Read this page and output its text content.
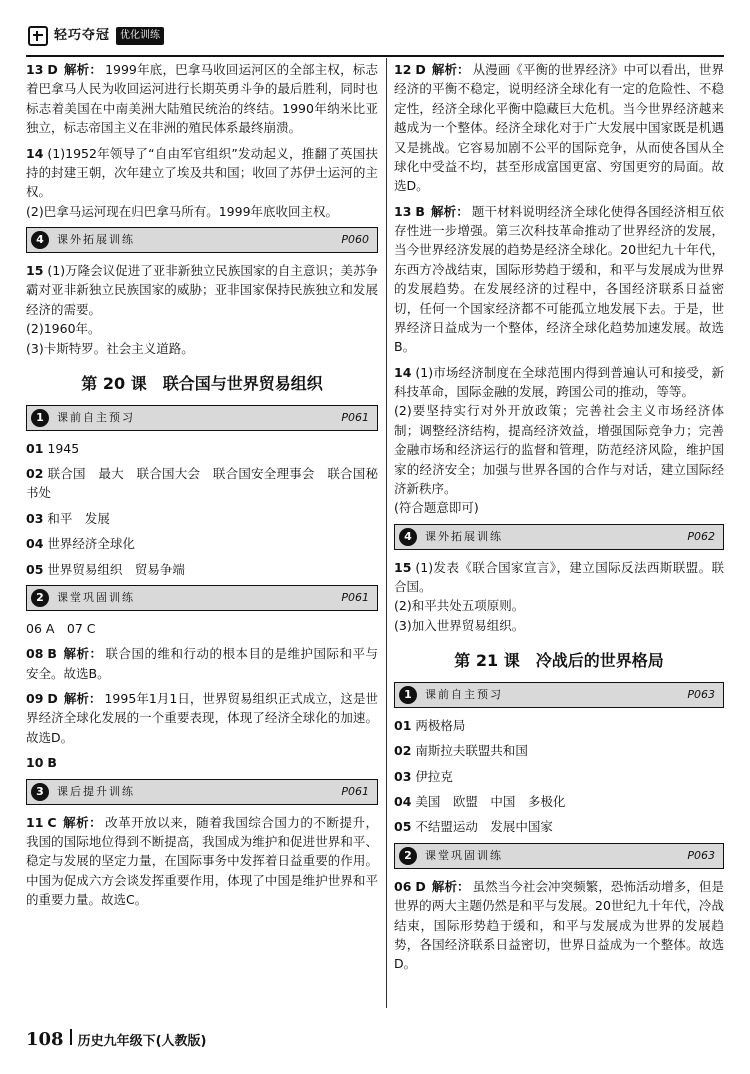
轻巧夺冠	优化训练
13 D 解析： 1999年底，巴拿马收回运河区的全部主权，标志着巴拿马人民为收回运河进行长期英勇斗争的最后胜利，同时也标志着美国在中南美洲大陆殖民统治的终结。1990年纳米比亚独立，标志帝国主义在非洲的殖民体系最终崩溃。
14 (1)1952年领导了“自由军官组织”发动起义，推翻了英国扶持的封建王朝，次年建立了埃及共和国；收回了苏伊士运河的主权。
(2)巴拿马运河现在归巴拿马所有。1999年底收回主权。
4	课外拓展训练	P060
15 (1)万隆会议促进了亚非新独立民族国家的自主意识；美苏争霸对亚非新独立民族国家的威胁；亚非国家保持民族独立和发展经济的需要。
(2)1960年。
(3)卡斯特罗。社会主义道路。
第 20 课　联合国与世界贸易组织
1	课前自主预习	P061
01 1945
02 联合国　最大　联合国大会　联合国安全理事会　联合国秘书处
03 和平　发展
04 世界经济全球化
05 世界贸易组织　贸易争端
2	课堂巩固训练	P061
06 A　07 C
08 B 解析： 联合国的维和行动的根本目的是维护国际和平与安全。故选B。
09 D 解析： 1995年1月1日，世界贸易组织正式成立，这是世界经济全球化发展的一个重要表现，体现了经济全球化的加速。故选D。
10 B
3	课后提升训练	P061
11 C 解析： 改革开放以来，随着我国综合国力的不断提升，我国的国际地位得到不断提高，我国成为维护和促进世界和平、稳定与发展的坚定力量，在国际事务中发挥着日益重要的作用。中国为促成六方会谈发挥重要作用，体现了中国是维护世界和平的重要力量。故选C。
12 D 解析： 从漫画《平衡的世界经济》中可以看出，世界经济的平衡不稳定，说明经济全球化有一定的危险性、不稳定性，经济全球化平衡中隐藏巨大危机。当今世界经济越来越成为一个整体。经济全球化对于广大发展中国家既是机遇又是挑战。它容易加剧不公平的国际竞争，从而使各国从全球化中受益不均，甚至形成富国更富、穷国更穷的局面。故选D。
13 B 解析： 题干材料说明经济全球化使得各国经济相互依存性进一步增强。第三次科技革命推动了世界经济的发展，当今世界经济发展的趋势是经济全球化。20世纪九十年代，东西方冷战结束，国际形势趋于缓和，和平与发展成为世界的发展趋势。在发展经济的过程中，各国经济联系日益密切，任何一个国家经济都不可能孤立地发展下去。于是，世界经济日益成为一个整体，经济全球化趋势加速发展。故选B。
14 (1)市场经济制度在全球范围内得到普遍认可和接受，新科技革命，国际金融的发展，跨国公司的推动，等等。
(2)要坚持实行对外开放政策；完善社会主义市场经济体制；调整经济结构，提高经济效益，增强国际竞争力；完善金融市场和经济运行的监督和管理，防范经济风险，维护国家的经济安全；加强与世界各国的合作与对话，建立国际经济新秩序。
(符合题意即可)
4	课外拓展训练	P062
15 (1)发表《联合国家宣言》，建立国际反法西斯联盟。联合国。
(2)和平共处五项原则。
(3)加入世界贸易组织。
第 21 课　冷战后的世界格局
1	课前自主预习	P063
01 两极格局
02 南斯拉夫联盟共和国
03 伊拉克
04 美国　欧盟　中国　多极化
05 不结盟运动　发展中国家
2	课堂巩固训练	P063
06 D 解析： 虽然当今社会冲突频繁，恐怖活动增多，但是世界的两大主题仍然是和平与发展。20世纪九十年代，冷战结束，国际形势趋于缓和，和平与发展成为世界的发展趋势，各国经济联系日益密切，世界日益成为一个整体。故选D。
108 历史九年级下(人教版)
